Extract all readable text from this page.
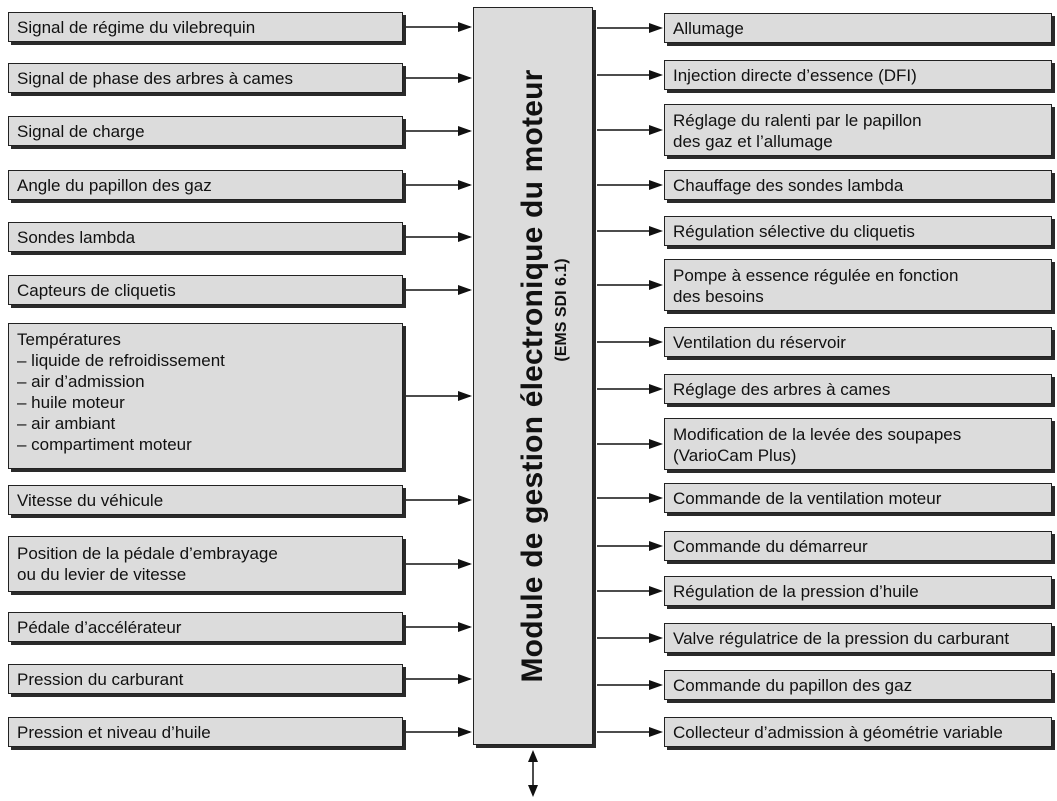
Module de gestion électronique du moteur (EMS SDI 6.1)
Signal de régime du vilebrequin
Signal de phase des arbres à cames
Signal de charge
Angle du papillon des gaz
Sondes lambda
Capteurs de cliquetis
Températures
– liquide de refroidissement
– air d’admission
– huile moteur
– air ambiant
– compartiment moteur
Vitesse du véhicule
Position de la pédale d’embrayage
ou du levier de vitesse
Pédale d’accélérateur
Pression du carburant
Pression et niveau d’huile
Allumage
Injection directe d’essence (DFI)
Réglage du ralenti par le papillon
des gaz et l’allumage
Chauffage des sondes lambda
Régulation sélective du cliquetis
Pompe à essence régulée en fonction
des besoins
Ventilation du réservoir
Réglage des arbres à cames
Modification de la levée des soupapes
(VarioCam Plus)
Commande de la ventilation moteur
Commande du démarreur
Régulation de la pression d’huile
Valve régulatrice de la pression du carburant
Commande du papillon des gaz
Collecteur d’admission à géométrie variable
